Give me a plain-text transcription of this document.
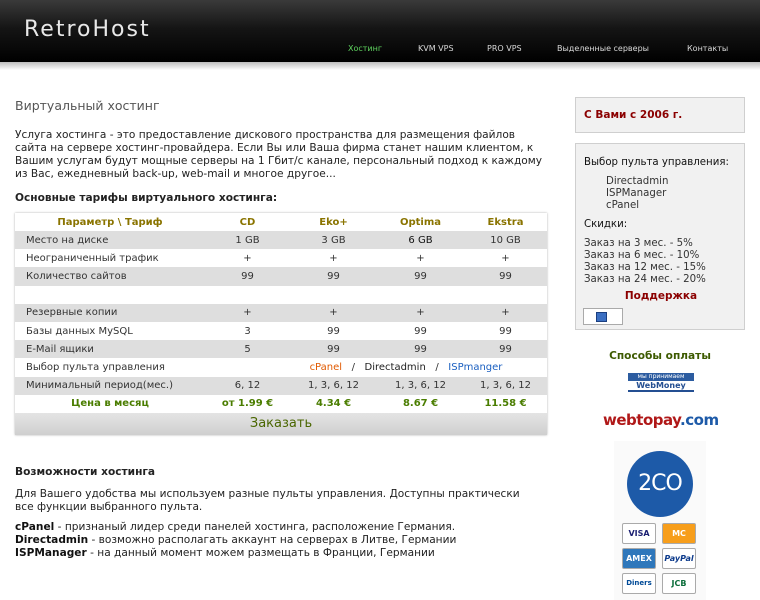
RetroHost
Хостинг	KVM VPS	PRO VPS	Выделенные серверы	Контакты
Виртуальный хостинг
Услуга хостинга - это предоставление дискового пространства для размещения файлов сайта на сервере хостинг-провайдера. Если Вы или Ваша фирма станет нашим клиентом, к Вашим услугам будут мощные серверы на 1 Гбит/с канале, персональный подход к каждому из Вас, ежедневный back-up, web-mail и многое другое...
Основные тарифы виртуального хостинга:
Параметр \ Тариф	CD	Eko+	Optima	Ekstra
Место на диске	1 GB	3 GB	6 GB	10 GB
Неограниченный трафик	+	+	+	+
Количество сайтов	99	99	99	99

Резервные копии	+	+	+	+
Базы данных MySQL	3	99	99	99
E-Mail ящики	5	99	99	99
Выбор пульта управления	cPanel / Directadmin / ISPmanger			
Минимальный период(мес.)	6, 12	1, 3, 6, 12	1, 3, 6, 12	1, 3, 6, 12
Цена в месяц	от 1.99 €	4.34 €	8.67 €	11.58 €
Заказать				
Возможности хостинга
Для Вашего удобства мы используем разные пульты управления. Доступны практически все функции выбранного пульта.
cPanel - признаный лидер среди панелей хостинга, расположение Германия.
Directadmin - возможно располагать аккаунт на серверах в Литве, Германии
ISPManager - на данный момент можем размещать в Франции, Германии
С Вами с 2006 г.
Выбор пульта управления:
Directadmin
ISPManager
cPanel
Скидки:
Заказ на 3 мес. - 5%
Заказ на 6 мес. - 10%
Заказ на 12 мес. - 15%
Заказ на 24 мес. - 20%
Поддержка
Способы оплаты
мы принимаем
WebMoney
webtopay.com
2CO
VISA	MC
AMEX	PayPal
Diners	JCB
